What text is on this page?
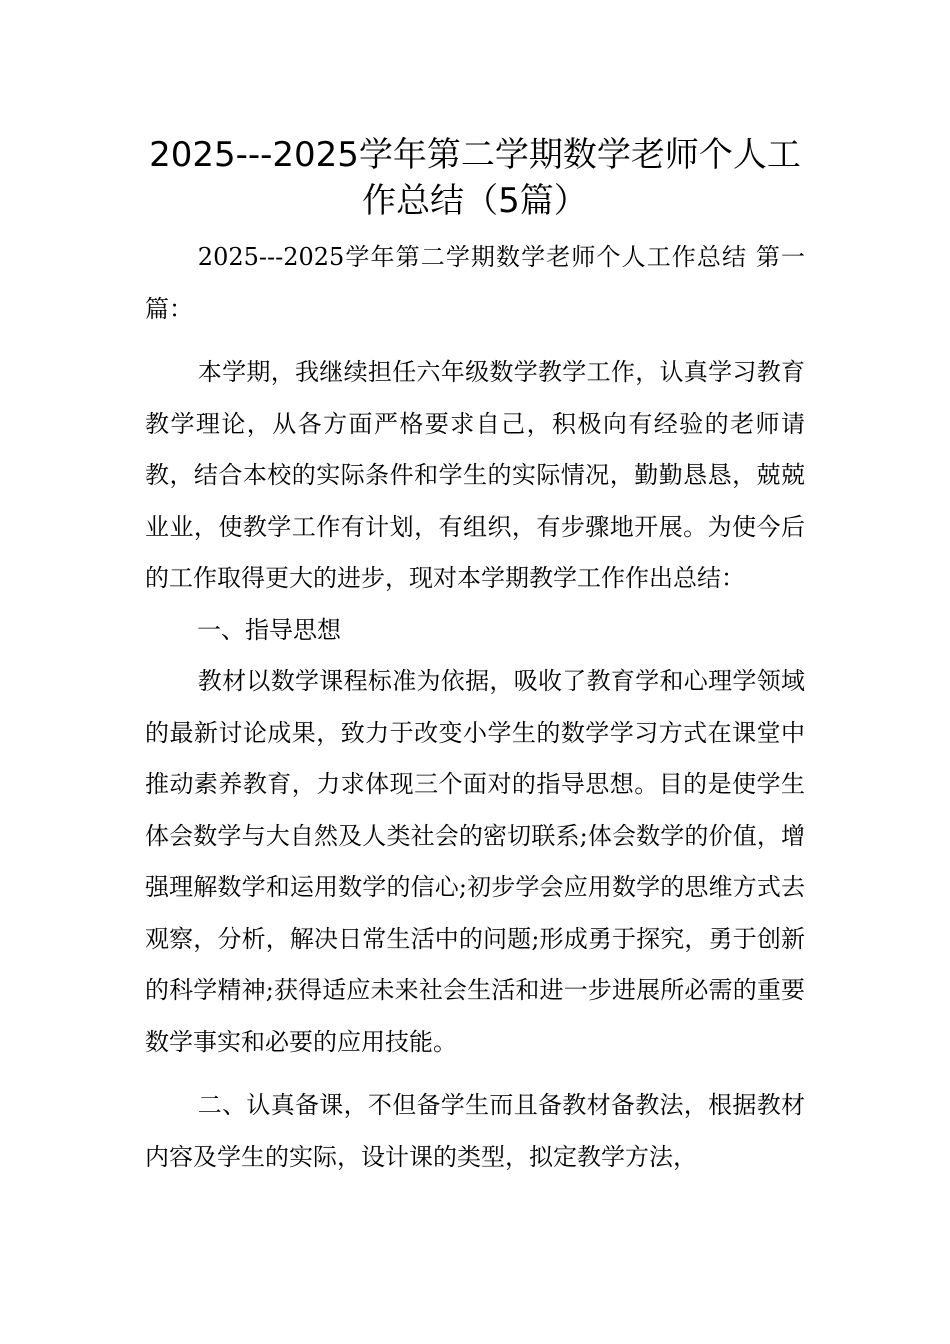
2025---2025学年第二学期数学老师个人工作总结（5篇）

2025---2025学年第二学期数学老师个人工作总结 第一篇：

本学期，我继续担任六年级数学教学工作，认真学习教育教学理论，从各方面严格要求自己，积极向有经验的老师请教，结合本校的实际条件和学生的实际情况，勤勤恳恳，兢兢业业，使教学工作有计划，有组织，有步骤地开展。为使今后的工作取得更大的进步，现对本学期教学工作作出总结：

一、指导思想

教材以数学课程标准为依据，吸收了教育学和心理学领域的最新讨论成果，致力于改变小学生的数学学习方式在课堂中推动素养教育，力求体现三个面对的指导思想。目的是使学生体会数学与大自然及人类社会的密切联系;体会数学的价值，增强理解数学和运用数学的信心;初步学会应用数学的思维方式去观察，分析，解决日常生活中的问题;形成勇于探究，勇于创新的科学精神;获得适应未来社会生活和进一步进展所必需的重要数学事实和必要的应用技能。

二、认真备课，不但备学生而且备教材备教法，根据教材内容及学生的实际，设计课的类型，拟定教学方法，
